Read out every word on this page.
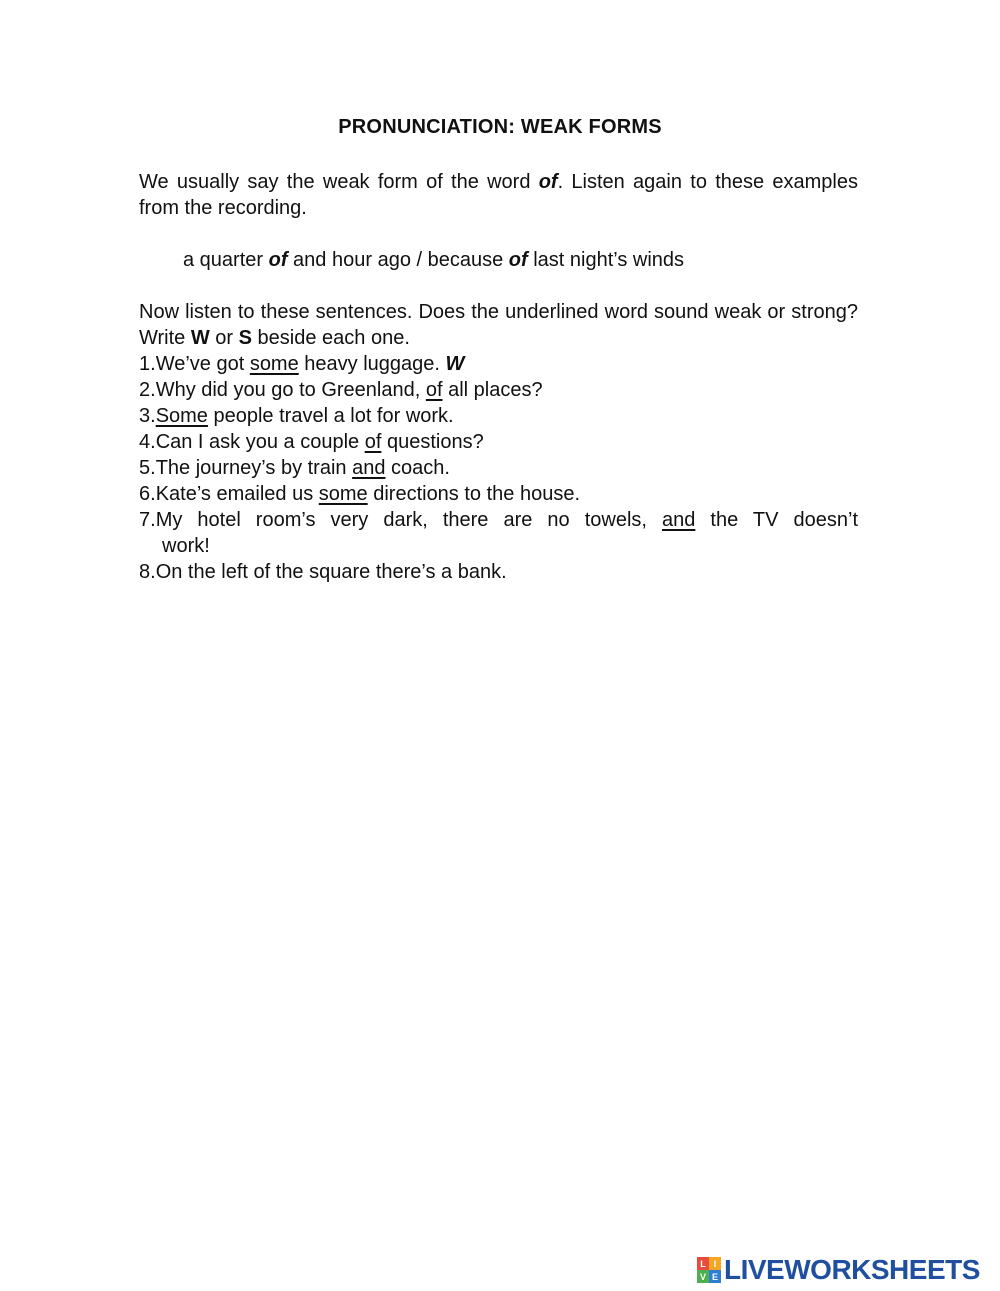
PRONUNCIATION: WEAK FORMS
We usually say the weak form of the word of. Listen again to these examples from the recording.
a quarter of and hour ago / because of last night’s winds
Now listen to these sentences. Does the underlined word sound weak or strong? Write W or S beside each one.
1. We’ve got some heavy luggage. W
2. Why did you go to Greenland, of all places?
3. Some people travel a lot for work.
4. Can I ask you a couple of questions?
5. The journey’s by train and coach.
6. Kate’s emailed us some directions to the house.
7. My hotel room’s very dark, there are no towels, and the TV doesn’t
work!
8. On the left of the square there’s a bank.
L I
V E LIVEWORKSHEETS
